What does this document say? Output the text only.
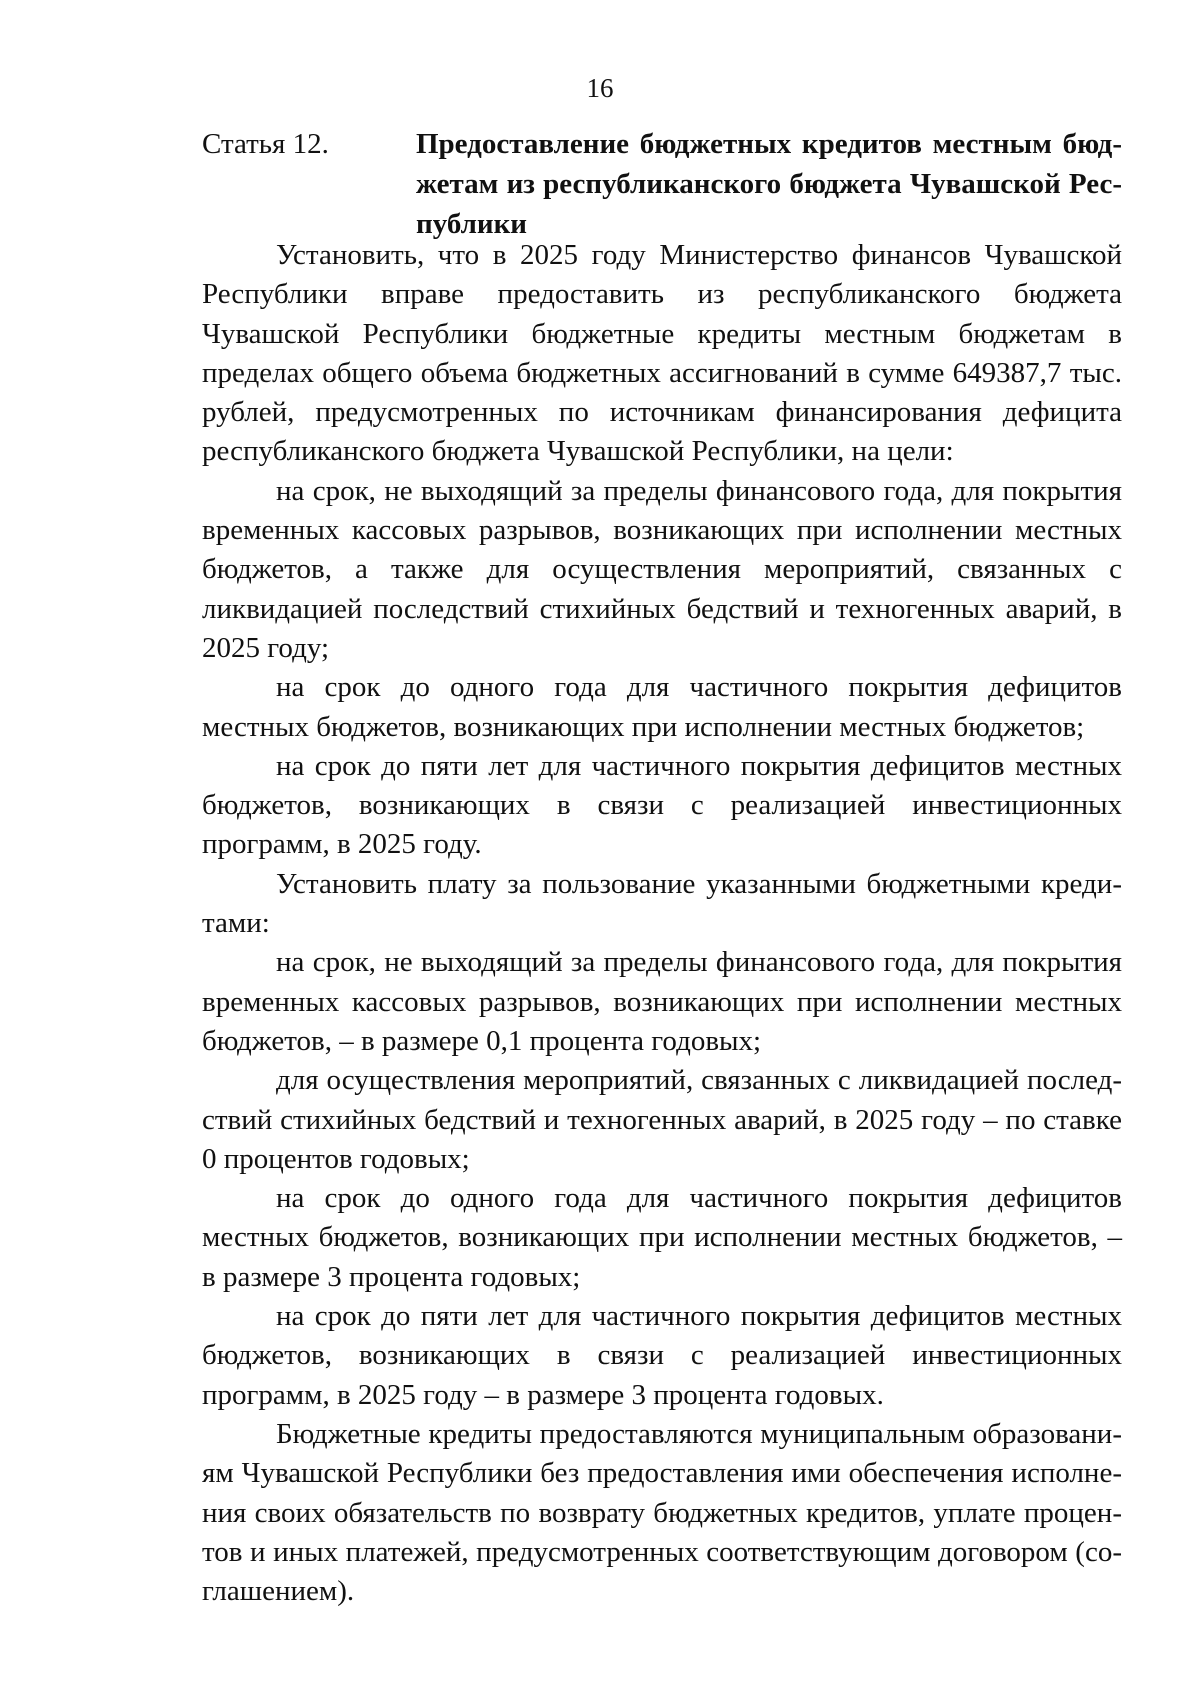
16
Статья 12.	Предоставление бюджетных кредитов местным бюджетам из республиканского бюджета Чувашской Республики

Установить, что в 2025 году Министерство финансов Чувашской Республики вправе предоставить из республиканского бюджета Чувашской Республики бюджетные кредиты местным бюджетам в пределах общего объема бюджетных ассигнований в сумме 649387,7 тыс. рублей, предусмотренных по источникам финансирования дефицита республиканского бюджета Чувашской Республики, на цели:

на срок, не выходящий за пределы финансового года, для покрытия временных кассовых разрывов, возникающих при исполнении местных бюджетов, а также для осуществления мероприятий, связанных с ликвидацией последствий стихийных бедствий и техногенных аварий, в 2025 году;

на срок до одного года для частичного покрытия дефицитов местных бюджетов, возникающих при исполнении местных бюджетов;

на срок до пяти лет для частичного покрытия дефицитов местных бюджетов, возникающих в связи с реализацией инвестиционных программ, в 2025 году.

Установить плату за пользование указанными бюджетными кредитами:

на срок, не выходящий за пределы финансового года, для покрытия временных кассовых разрывов, возникающих при исполнении местных бюджетов, – в размере 0,1 процента годовых;

для осуществления мероприятий, связанных с ликвидацией последствий стихийных бедствий и техногенных аварий, в 2025 году – по ставке 0 процентов годовых;

на срок до одного года для частичного покрытия дефицитов местных бюджетов, возникающих при исполнении местных бюджетов, – в размере 3 процента годовых;

на срок до пяти лет для частичного покрытия дефицитов местных бюджетов, возникающих в связи с реализацией инвестиционных программ, в 2025 году – в размере 3 процента годовых.

Бюджетные кредиты предоставляются муниципальным образованиям Чувашской Республики без предоставления ими обеспечения исполнения своих обязательств по возврату бюджетных кредитов, уплате процентов и иных платежей, предусмотренных соответствующим договором (соглашением).
